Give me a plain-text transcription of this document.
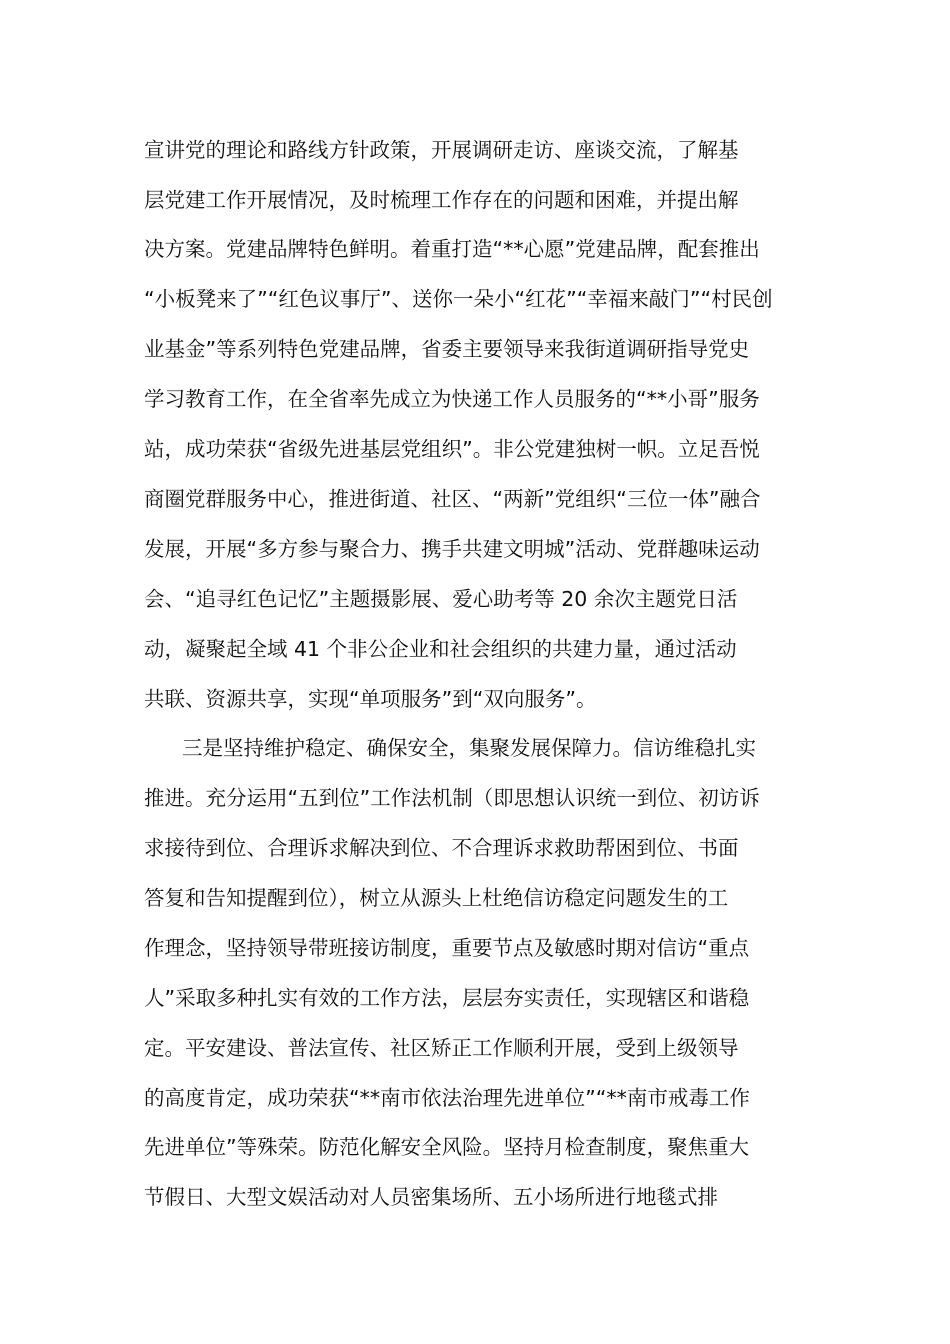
宣讲党的理论和路线方针政策，开展调研走访、座谈交流，了解基
层党建工作开展情况，及时梳理工作存在的问题和困难，并提出解
决方案。党建品牌特色鲜明。着重打造“**心愿”党建品牌，配套推出
“小板凳来了”“红色议事厅”、送你一朵小“红花”“幸福来敲门”“村民创
业基金”等系列特色党建品牌，省委主要领导来我街道调研指导党史
学习教育工作，在全省率先成立为快递工作人员服务的“**小哥”服务
站，成功荣获“省级先进基层党组织”。非公党建独树一帜。立足吾悦
商圈党群服务中心，推进街道、社区、“两新”党组织“三位一体”融合
发展，开展“多方参与聚合力、携手共建文明城”活动、党群趣味运动
会、“追寻红色记忆”主题摄影展、爱心助考等 20 余次主题党日活
动，凝聚起全域 41 个非公企业和社会组织的共建力量，通过活动
共联、资源共享，实现“单项服务”到“双向服务”。
三是坚持维护稳定、确保安全，集聚发展保障力。信访维稳扎实
推进。充分运用“五到位”工作法机制（即思想认识统一到位、初访诉
求接待到位、合理诉求解决到位、不合理诉求救助帮困到位、书面
答复和告知提醒到位），树立从源头上杜绝信访稳定问题发生的工
作理念，坚持领导带班接访制度，重要节点及敏感时期对信访“重点
人”采取多种扎实有效的工作方法，层层夯实责任，实现辖区和谐稳
定。平安建设、普法宣传、社区矫正工作顺利开展，受到上级领导
的高度肯定，成功荣获“**南市依法治理先进单位”“**南市戒毒工作
先进单位”等殊荣。防范化解安全风险。坚持月检查制度，聚焦重大
节假日、大型文娱活动对人员密集场所、五小场所进行地毯式排
